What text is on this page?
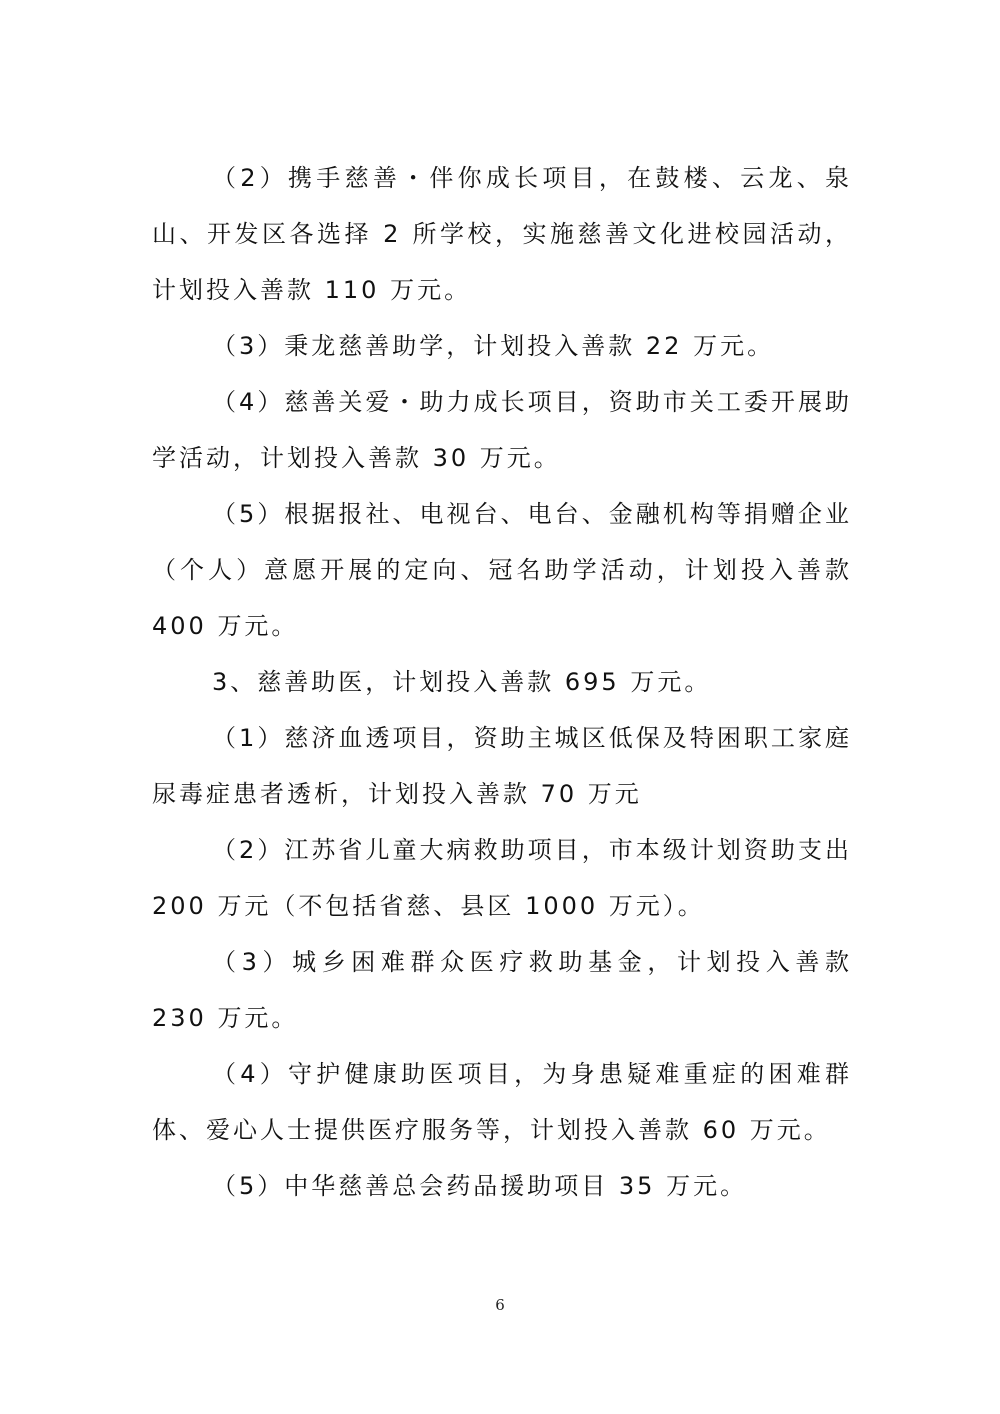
（2）携手慈善・伴你成长项目，在鼓楼、云龙、泉山、开发区各选择 2 所学校，实施慈善文化进校园活动，计划投入善款 110 万元。

（3）秉龙慈善助学，计划投入善款 22 万元。

（4）慈善关爱・助力成长项目，资助市关工委开展助学活动，计划投入善款 30 万元。

（5）根据报社、电视台、电台、金融机构等捐赠企业（个人）意愿开展的定向、冠名助学活动，计划投入善款 400 万元。

3、慈善助医，计划投入善款 695 万元。

（1）慈济血透项目，资助主城区低保及特困职工家庭尿毒症患者透析，计划投入善款 70 万元

（2）江苏省儿童大病救助项目，市本级计划资助支出 200 万元（不包括省慈、县区 1000 万元）。

（3）城乡困难群众医疗救助基金，计划投入善款 230 万元。

（4）守护健康助医项目，为身患疑难重症的困难群体、爱心人士提供医疗服务等，计划投入善款 60 万元。

（5）中华慈善总会药品援助项目 35 万元。

6
